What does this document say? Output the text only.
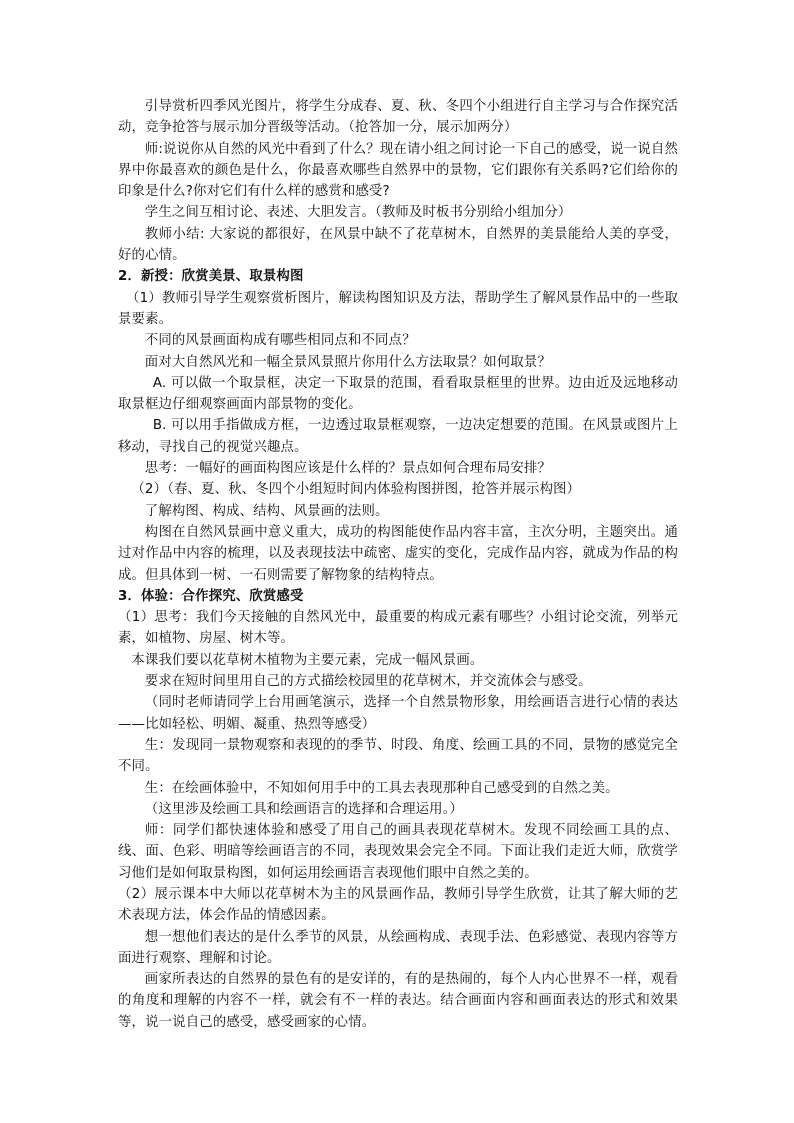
引导赏析四季风光图片，将学生分成春、夏、秋、冬四个小组进行自主学习与合作探究活动，竞争抢答与展示加分晋级等活动。（抢答加一分，展示加两分）

师:说说你从自然的风光中看到了什么？现在请小组之间讨论一下自己的感受，说一说自然界中你最喜欢的颜色是什么，你最喜欢哪些自然界中的景物，它们跟你有关系吗?它们给你的印象是什么?你对它们有什么样的感赏和感受?

学生之间互相讨论、表述、大胆发言。（教师及时板书分别给小组加分）

教师小结: 大家说的都很好，在风景中缺不了花草树木，自然界的美景能给人美的享受，好的心情。

2．新授：欣赏美景、取景构图

（1）教师引导学生观察赏析图片，解读构图知识及方法，帮助学生了解风景作品中的一些取景要素。

不同的风景画面构成有哪些相同点和不同点？

面对大自然风光和一幅全景风景照片你用什么方法取景？如何取景？

A. 可以做一个取景框，决定一下取景的范围，看看取景框里的世界。边由近及远地移动取景框边仔细观察画面内部景物的变化。

B. 可以用手指做成方框，一边透过取景框观察，一边决定想要的范围。在风景或图片上移动，寻找自己的视觉兴趣点。

思考：一幅好的画面构图应该是什么样的？景点如何合理布局安排？

（2）（春、夏、秋、冬四个小组短时间内体验构图拼图，抢答并展示构图）

了解构图、构成、结构、风景画的法则。

构图在自然风景画中意义重大，成功的构图能使作品内容丰富，主次分明，主题突出。通过对作品中内容的梳理，以及表现技法中疏密、虚实的变化，完成作品内容，就成为作品的构成。但具体到一树、一石则需要了解物象的结构特点。

3．体验：合作探究、欣赏感受

（1）思考：我们今天接触的自然风光中，最重要的构成元素有哪些？小组讨论交流，列举元素，如植物、房屋、树木等。

本课我们要以花草树木植物为主要元素，完成一幅风景画。

要求在短时间里用自己的方式描绘校园里的花草树木，并交流体会与感受。

（同时老师请同学上台用画笔演示，选择一个自然景物形象，用绘画语言进行心情的表达——比如轻松、明媚、凝重、热烈等感受）

生：发现同一景物观察和表现的的季节、时段、角度、绘画工具的不同，景物的感觉完全不同。

生：在绘画体验中，不知如何用手中的工具去表现那种自己感受到的自然之美。

（这里涉及绘画工具和绘画语言的选择和合理运用。）

师：同学们都快速体验和感受了用自己的画具表现花草树木。发现不同绘画工具的点、线、面、色彩、明暗等绘画语言的不同，表现效果会完全不同。下面让我们走近大师，欣赏学习他们是如何取景构图，如何运用绘画语言表现他们眼中自然之美的。

（2）展示课本中大师以花草树木为主的风景画作品，教师引导学生欣赏，让其了解大师的艺术表现方法，体会作品的情感因素。

想一想他们表达的是什么季节的风景，从绘画构成、表现手法、色彩感觉、表现内容等方面进行观察、理解和讨论。

画家所表达的自然界的景色有的是安详的，有的是热闹的，每个人内心世界不一样，观看的角度和理解的内容不一样，就会有不一样的表达。结合画面内容和画面表达的形式和效果等，说一说自己的感受，感受画家的心情。
